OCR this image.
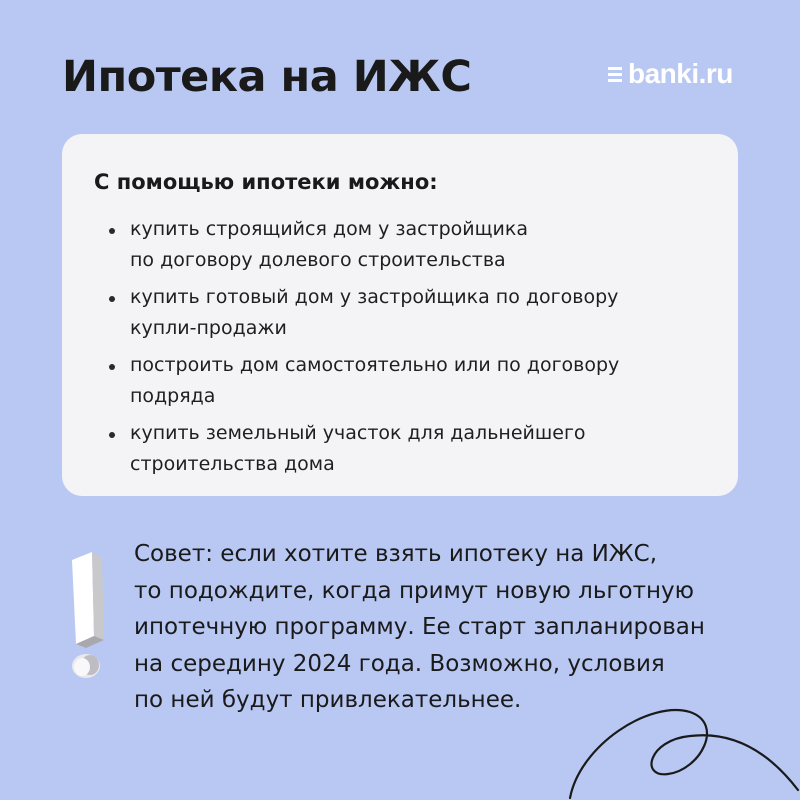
Ипотека на ИЖС	banki.ru
С помощью ипотеки можно:
купить строящийся дом у застройщика
по договору долевого строительства
купить готовый дом у застройщика по договору
купли-продажи
построить дом самостоятельно или по договору
подряда
купить земельный участок для дальнейшего
строительства дома
Совет: если хотите взять ипотеку на ИЖС,
то подождите, когда примут новую льготную
ипотечную программу. Ее старт запланирован
на середину 2024 года. Возможно, условия
по ней будут привлекательнее.
